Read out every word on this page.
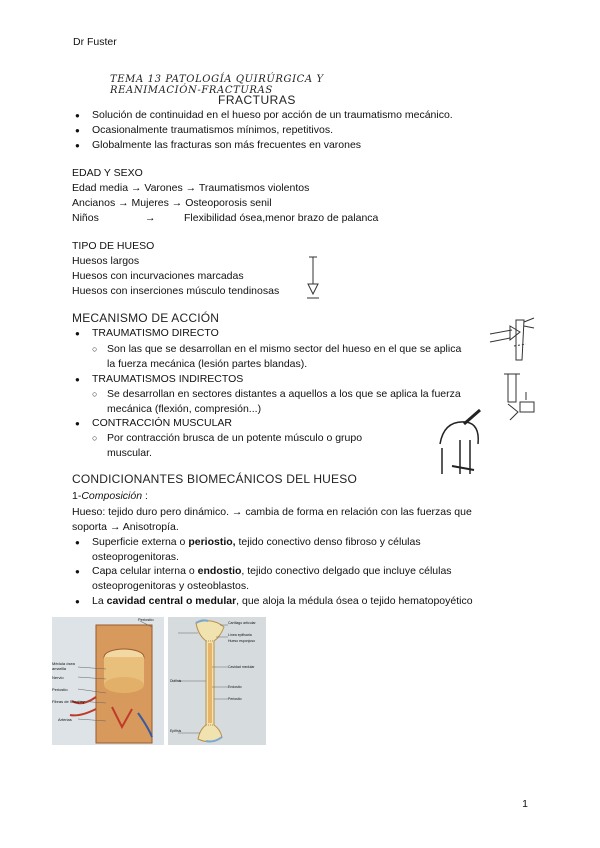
Dr Fuster
TEMA 13 PATOLOGÍA QUIRÚRGICA Y REANIMACIÓN-FRACTURAS
FRACTURAS
● Solución de continuidad en el hueso por acción de un traumatismo mecánico.
● Ocasionalmente traumatismos mínimos, repetitivos.
● Globalmente las fracturas son más frecuentes en varones
EDAD Y SEXO
Edad media → Varones → Traumatismos violentos
Ancianos → Mujeres → Osteoporosis senil
Niños	→	Flexibilidad ósea,menor brazo de palanca
TIPO DE HUESO
Huesos largos
Huesos con incurvaciones marcadas
Huesos con inserciones músculo tendinosas
MECANISMO DE ACCIÓN
● TRAUMATISMO DIRECTO
○ Son las que se desarrollan en el mismo sector del hueso en el que se aplica
la fuerza mecánica (lesión partes blandas).
● TRAUMATISMOS INDIRECTOS
○ Se desarrollan en sectores distantes a aquellos a los que se aplica la fuerza
mecánica (flexión, compresión...)
● CONTRACCIÓN MUSCULAR
○ Por contracción brusca de un potente músculo o grupo
muscular.
CONDICIONANTES BIOMECÁNICOS DEL HUESO
1-Composición :
Hueso: tejido duro pero dinámico. → cambia de forma en relación con las fuerzas que
soporta → Anisotropía.
● Superficie externa o periostio, tejido conectivo denso fibroso y células
osteoprogenitoras.
● Capa celular interna o endostio, tejido conectivo delgado que incluye células
osteoprogenitoras y osteoblastos.
● La cavidad central o medular, que aloja la médula ósea o tejido hematopoyético
Periostio
Médula ósea amarilla
Nervio
Periostio
Fibras de Sharpey
Arterias
Cartílago articular
Línea epifisaria
Hueso esponjoso
Cavidad medular
Endostio
Periostio
Diáfisis
Epífisis
1
